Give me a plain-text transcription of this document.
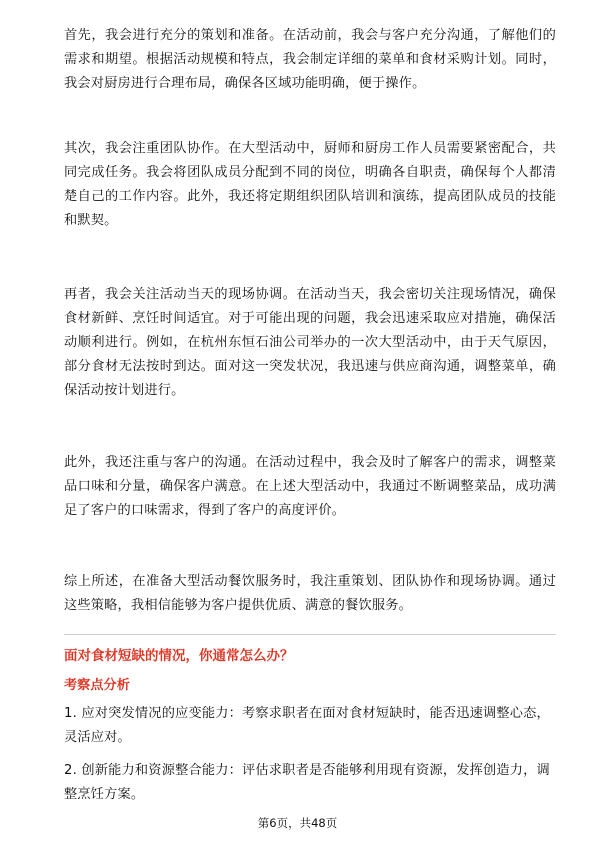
首先，我会进行充分的策划和准备。在活动前，我会与客户充分沟通，了解他们的需求和期望。根据活动规模和特点，我会制定详细的菜单和食材采购计划。同时，我会对厨房进行合理布局，确保各区域功能明确，便于操作。

其次，我会注重团队协作。在大型活动中，厨师和厨房工作人员需要紧密配合，共同完成任务。我会将团队成员分配到不同的岗位，明确各自职责，确保每个人都清楚自己的工作内容。此外，我还将定期组织团队培训和演练，提高团队成员的技能和默契。

再者，我会关注活动当天的现场协调。在活动当天，我会密切关注现场情况，确保食材新鲜、烹饪时间适宜。对于可能出现的问题，我会迅速采取应对措施，确保活动顺利进行。例如，在杭州东恒石油公司举办的一次大型活动中，由于天气原因，部分食材无法按时到达。面对这一突发状况，我迅速与供应商沟通，调整菜单，确保活动按计划进行。

此外，我还注重与客户的沟通。在活动过程中，我会及时了解客户的需求，调整菜品口味和分量，确保客户满意。在上述大型活动中，我通过不断调整菜品，成功满足了客户的口味需求，得到了客户的高度评价。

综上所述，在准备大型活动餐饮服务时，我注重策划、团队协作和现场协调。通过这些策略，我相信能够为客户提供优质、满意的餐饮服务。

面对食材短缺的情况，你通常怎么办？

考察点分析

1. 应对突发情况的应变能力：考察求职者在面对食材短缺时，能否迅速调整心态，灵活应对。

2. 创新能力和资源整合能力：评估求职者是否能够利用现有资源，发挥创造力，调整烹饪方案。

第6页，共48页
